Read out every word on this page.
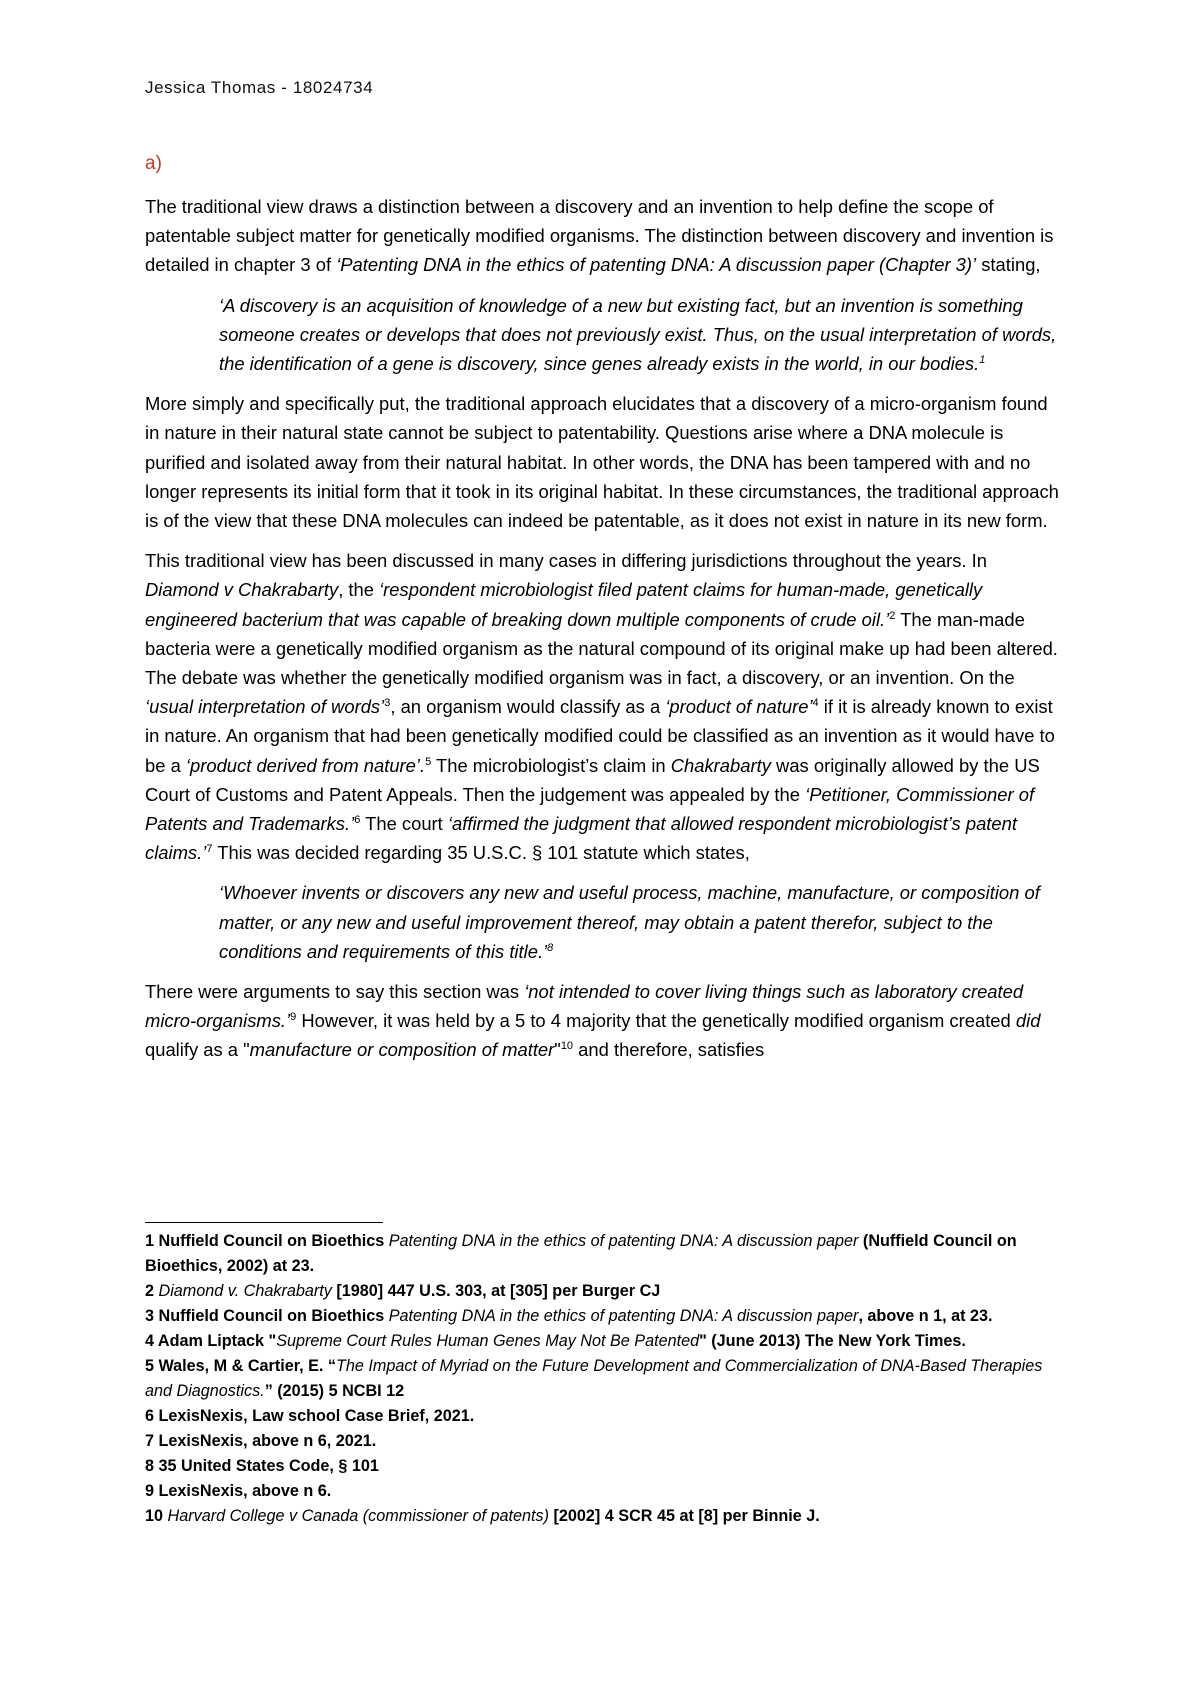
Jessica Thomas - 18024734
a)

The traditional view draws a distinction between a discovery and an invention to help define the scope of patentable subject matter for genetically modified organisms. The distinction between discovery and invention is detailed in chapter 3 of ‘Patenting DNA in the ethics of patenting DNA: A discussion paper (Chapter 3)’ stating,

‘A discovery is an acquisition of knowledge of a new but existing fact, but an invention is something someone creates or develops that does not previously exist. Thus, on the usual interpretation of words, the identification of a gene is discovery, since genes already exists in the world, in our bodies.$^1$

More simply and specifically put, the traditional approach elucidates that a discovery of a micro-organism found in nature in their natural state cannot be subject to patentability. Questions arise where a DNA molecule is purified and isolated away from their natural habitat. In other words, the DNA has been tampered with and no longer represents its initial form that it took in its original habitat. In these circumstances, the traditional approach is of the view that these DNA molecules can indeed be patentable, as it does not exist in nature in its new form.

This traditional view has been discussed in many cases in differing jurisdictions throughout the years. In Diamond v Chakrabarty, the ‘respondent microbiologist filed patent claims for human-made, genetically engineered bacterium that was capable of breaking down multiple components of crude oil.’$^2$ The man-made bacteria were a genetically modified organism as the natural compound of its original make up had been altered. The debate was whether the genetically modified organism was in fact, a discovery, or an invention. On the ‘usual interpretation of words’$^3$, an organism would classify as a ‘product of nature’$^4$ if it is already known to exist in nature. An organism that had been genetically modified could be classified as an invention as it would have to be a ‘product derived from nature’.$^5$ The microbiologist’s claim in Chakrabarty was originally allowed by the US Court of Customs and Patent Appeals. Then the judgement was appealed by the ‘Petitioner, Commissioner of Patents and Trademarks.’$^6$ The court ‘affirmed the judgment that allowed respondent microbiologist’s patent claims.’$^7$ This was decided regarding 35 U.S.C. § 101 statute which states,

‘Whoever invents or discovers any new and useful process, machine, manufacture, or composition of matter, or any new and useful improvement thereof, may obtain a patent therefor, subject to the conditions and requirements of this title.’$^8$

There were arguments to say this section was ‘not intended to cover living things such as laboratory created micro-organisms.’$^9$ However, it was held by a 5 to 4 majority that the genetically modified organism created did qualify as a "manufacture or composition of matter"$^{10}$ and therefore, satisfies

1 Nuffield Council on Bioethics Patenting DNA in the ethics of patenting DNA: A discussion paper (Nuffield Council on Bioethics, 2002) at 23.

2 Diamond v. Chakrabarty [1980] 447 U.S. 303, at [305] per Burger CJ

3 Nuffield Council on Bioethics Patenting DNA in the ethics of patenting DNA: A discussion paper, above n 1, at 23.

4 Adam Liptack "Supreme Court Rules Human Genes May Not Be Patented" (June 2013) The New York Times.

5 Wales, M & Cartier, E. “The Impact of Myriad on the Future Development and Commercialization of DNA-Based Therapies and Diagnostics.” (2015) 5 NCBI 12

6 LexisNexis, Law school Case Brief, 2021.

7 LexisNexis, above n 6, 2021.

8 35 United States Code, § 101

9 LexisNexis, above n 6.

10 Harvard College v Canada (commissioner of patents) [2002] 4 SCR 45 at [8] per Binnie J.
